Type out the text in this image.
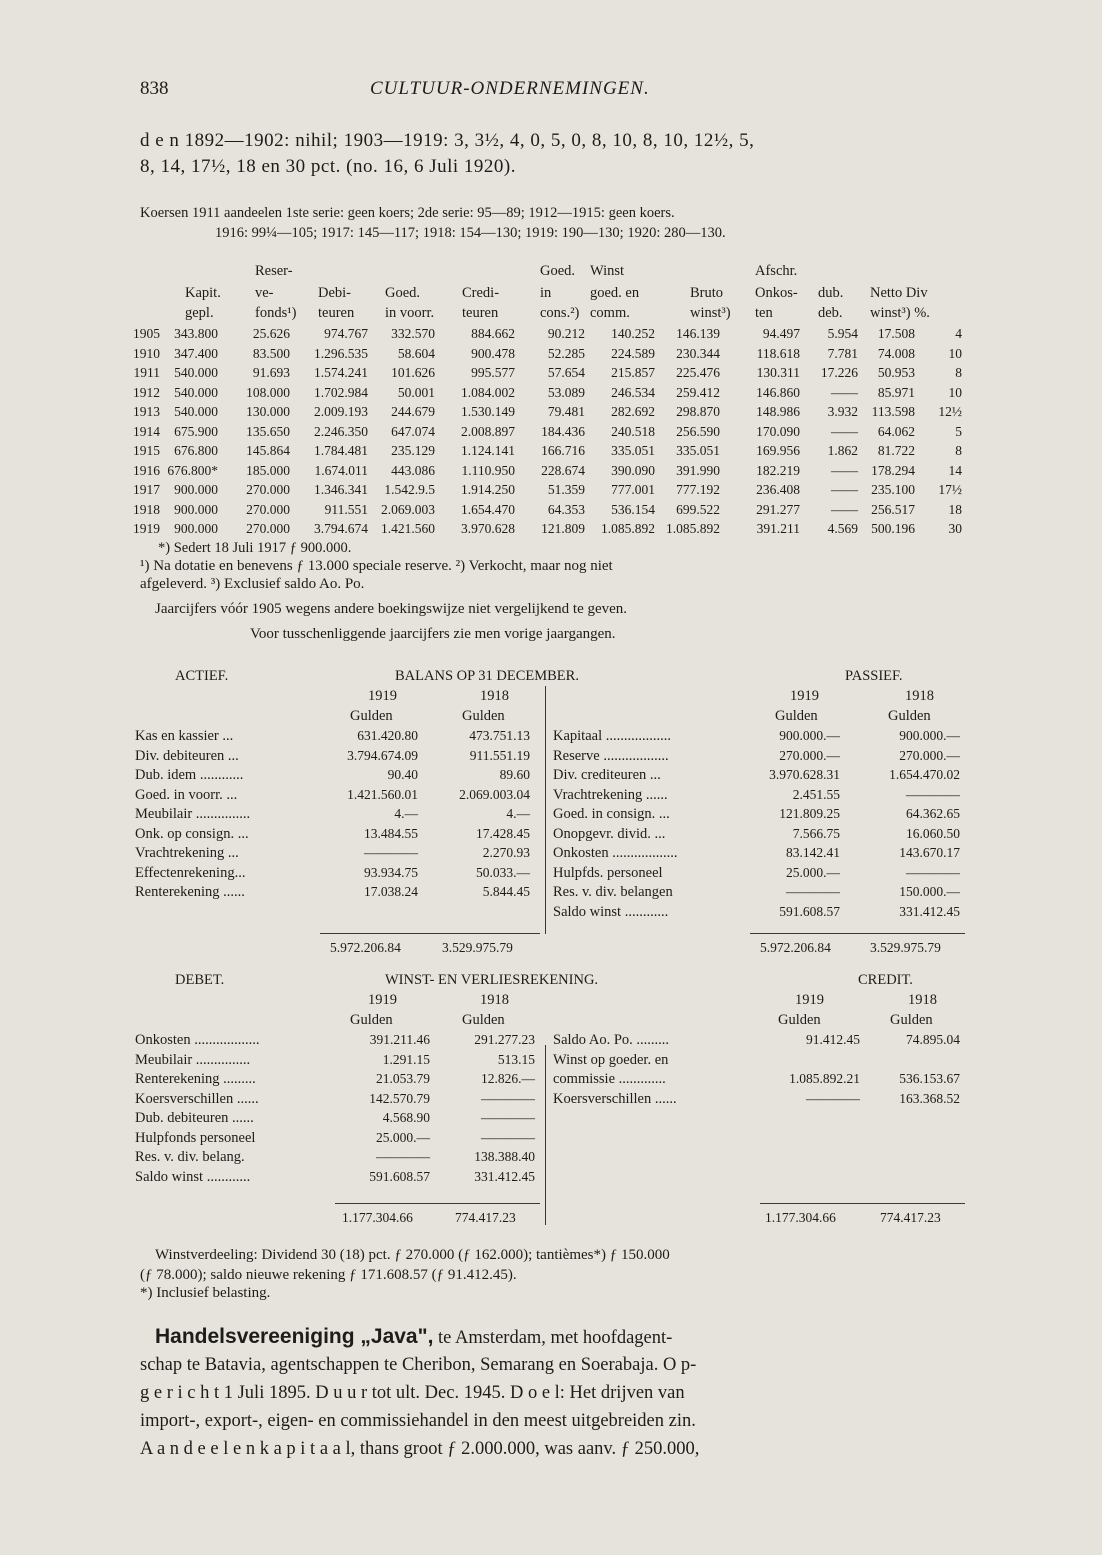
838	CULTUUR-ONDERNEMINGEN.
d e n 1892—1902: nihil; 1903—1919: 3, 3½, 4, 0, 5, 0, 8, 10, 8, 10, 12½, 5,
8, 14, 17½, 18 en 30 pct. (no. 16, 6 Juli 1920).
Koersen 1911 aandeelen 1ste serie: geen koers; 2de serie: 95—89; 1912—1915: geen koers.
1916: 99¼—105; 1917: 145—117; 1918: 154—130; 1919: 190—130; 1920: 280—130.
Reser-	Goed. Winst	Afschr.
Kapit. ve-	Debi- Goed.	Credi-	in	goed. en	Bruto Onkos- dub. Netto Div
gepl.	fonds¹) teuren in voorr. teuren	cons.²) comm.	winst³) ten	deb. winst³) %.
1905 343.800	25.626	974.767 332.570	884.662 90.212 140.252 146.139	94.497 5.954 17.508	4
1910 347.400	83.500 1.296.535 58.604	900.478 52.285 224.589 230.344	118.618 7.781 74.008 10
1911 540.000	91.693 1.574.241 101.626	995.577 57.654 215.857 225.476	130.311 17.226 50.953	8
1912 540.000 108.000 1.702.984 50.001 1.084.002 53.089 246.534 259.412	146.860 —— 85.971 10
1913 540.000 130.000 2.009.193 244.679 1.530.149 79.481 282.692 298.870	148.986 3.932 113.598 12½
1914 675.900 135.650 2.246.350 647.074 2.008.897 184.436 240.518 256.590	170.090 —— 64.062	5
1915 676.800 145.864 1.784.481 235.129 1.124.141 166.716 335.051 335.051	169.956 1.862 81.722	8
1916 676.800* 185.000 1.674.011 443.086 1.110.950 228.674 390.090 391.990	182.219 —— 178.294 14
1917 900.000 270.000 1.346.341 1.542.9.5 1.914.250 51.359 777.001 777.192	236.408 —— 235.100 17½
1918 900.000 270.000	911.551 2.069.003 1.654.470 64.353 536.154 699.522	291.277 —— 256.517 18
1919 900.000 270.000 3.794.674 1.421.560 3.970.628 121.809 1.085.892 1.085.892	391.211 4.569 500.196 30
*) Sedert 18 Juli 1917 ƒ 900.000.
¹) Na dotatie en benevens ƒ 13.000 speciale reserve. ²) Verkocht, maar nog niet
afgeleverd. ³) Exclusief saldo Ao. Po.
Jaarcijfers vóór 1905 wegens andere boekingswijze niet vergelijkend te geven.
Voor tusschenliggende jaarcijfers zie men vorige jaargangen.
ACTIEF.	BALANS OP 31 DECEMBER.	PASSIEF.
1919	1918	1919	1918
Gulden	Gulden	Gulden	Gulden
Kas en kassier ...	631.420.80	473.751.13
Div. debiteuren ...	3.794.674.09	911.551.19
Dub. idem ............	90.40	89.60
Goed. in voorr. ...	1.421.560.01	2.069.003.04
Meubilair ...............	4.—	4.—
Onk. op consign. ...	13.484.55	17.428.45
Vrachtrekening ...	————	2.270.93
Effectenrekening...	93.934.75	50.033.—
Renterekening ......	17.038.24	5.844.45
Kapitaal ..................	900.000.—	900.000.—
Reserve ..................	270.000.—	270.000.—
Div. crediteuren ...	3.970.628.31	1.654.470.02
Vrachtrekening ......	2.451.55	————
Goed. in consign. ...	121.809.25	64.362.65
Onopgevr. divid. ...	7.566.75	16.060.50
Onkosten ..................	83.142.41	143.670.17
Hulpfds. personeel	25.000.—	————
Res. v. div. belangen	————	150.000.—
Saldo winst ............	591.608.57	331.412.45
5.972.206.84	3.529.975.79	5.972.206.84	3.529.975.79
DEBET.	WINST- EN VERLIESREKENING.	CREDIT.
1919	1918	1919	1918
Gulden	Gulden	Gulden	Gulden
Onkosten ..................	391.211.46	291.277.23
Meubilair ...............	1.291.15	513.15
Renterekening .........	21.053.79	12.826.—
Koersverschillen ......	142.570.79	————
Dub. debiteuren ......	4.568.90	————
Hulpfonds personeel	25.000.—	————
Res. v. div. belang.	————	138.388.40
Saldo winst ............	591.608.57	331.412.45
Saldo Ao. Po. .........	91.412.45	74.895.04
Winst op goeder. en
commissie .............	1.085.892.21	536.153.67
Koersverschillen ......	————	163.368.52
1.177.304.66	774.417.23	1.177.304.66	774.417.23
Winstverdeeling: Dividend 30 (18) pct. ƒ 270.000 (ƒ 162.000); tantièmes*) ƒ 150.000
(ƒ 78.000); saldo nieuwe rekening ƒ 171.608.57 (ƒ 91.412.45).
*) Inclusief belasting.
Handelsvereeniging „Java", te Amsterdam, met hoofdagent-
schap te Batavia, agentschappen te Cheribon, Semarang en Soerabaja. O p-
g e r i c h t 1 Juli 1895. D u u r tot ult. Dec. 1945. D o e l: Het drijven van
import-, export-, eigen- en commissiehandel in den meest uitgebreiden zin.
A a n d e e l e n k a p i t a a l, thans groot ƒ 2.000.000, was aanv. ƒ 250.000,
